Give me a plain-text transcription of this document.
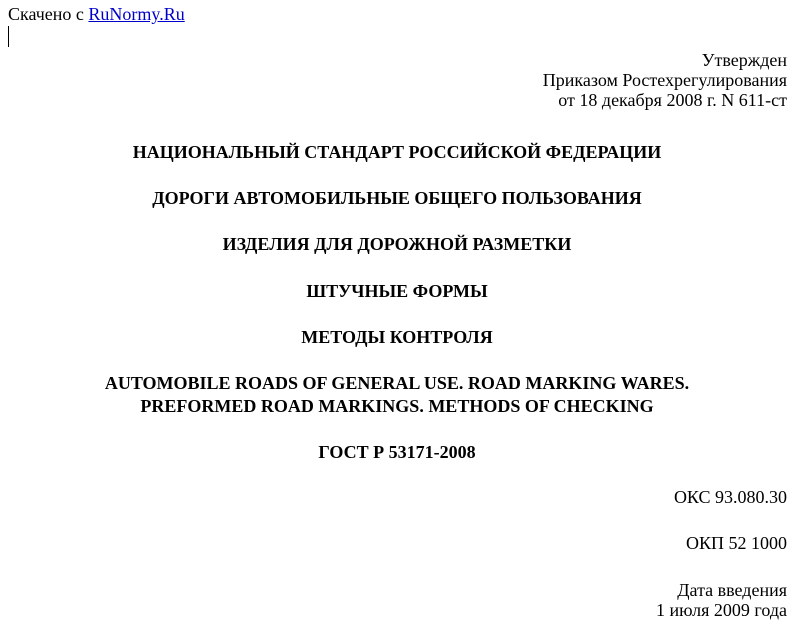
Скачено с RuNormy.Ru
Утвержден
Приказом Ростехрегулирования
от 18 декабря 2008 г. N 611-ст
НАЦИОНАЛЬНЫЙ СТАНДАРТ РОССИЙСКОЙ ФЕДЕРАЦИИ
ДОРОГИ АВТОМОБИЛЬНЫЕ ОБЩЕГО ПОЛЬЗОВАНИЯ
ИЗДЕЛИЯ ДЛЯ ДОРОЖНОЙ РАЗМЕТКИ
ШТУЧНЫЕ ФОРМЫ
МЕТОДЫ КОНТРОЛЯ
AUTOMOBILE ROADS OF GENERAL USE. ROAD MARKING WARES.
PREFORMED ROAD MARKINGS. METHODS OF CHECKING
ГОСТ Р 53171-2008
ОКС 93.080.30
ОКП 52 1000
Дата введения
1 июля 2009 года
